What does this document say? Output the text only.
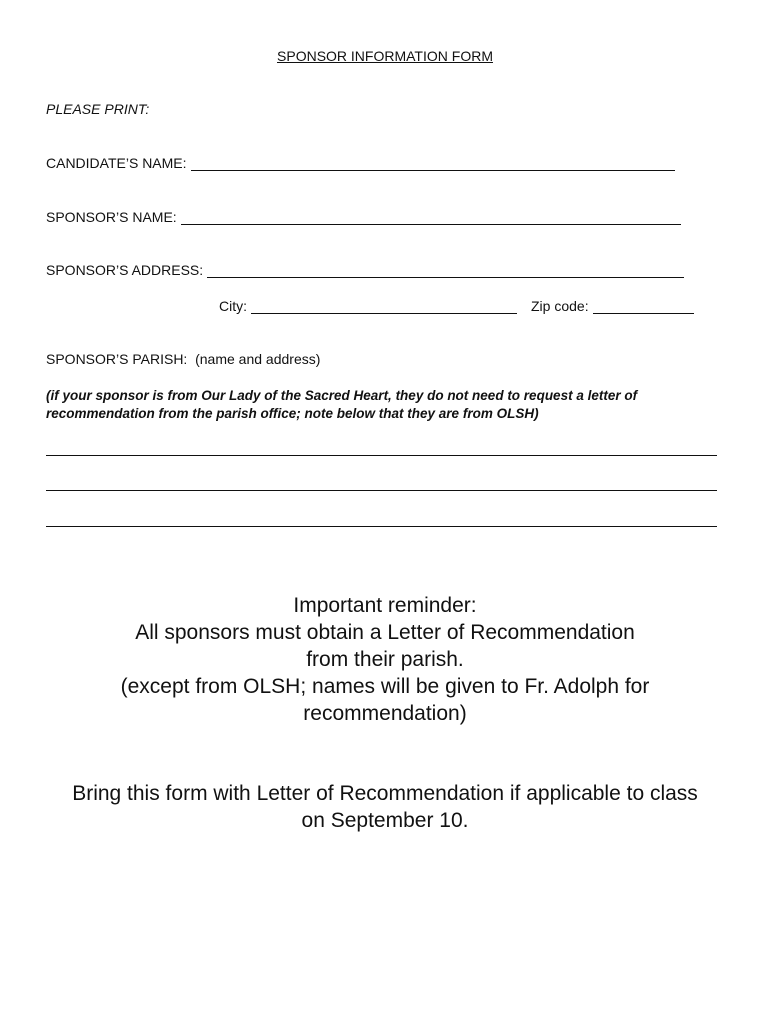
SPONSOR INFORMATION FORM
PLEASE PRINT:
CANDIDATE’S NAME:
SPONSOR’S NAME:
SPONSOR’S ADDRESS:
City:	Zip code:
SPONSOR’S PARISH:  (name and address)
(if your sponsor is from Our Lady of the Sacred Heart, they do not need to request a letter of recommendation from the parish office; note below that they are from OLSH)
Important reminder:
All sponsors must obtain a Letter of Recommendation
from their parish.
(except from OLSH; names will be given to Fr. Adolph for
recommendation)
Bring this form with Letter of Recommendation if applicable to class
on September 10.
